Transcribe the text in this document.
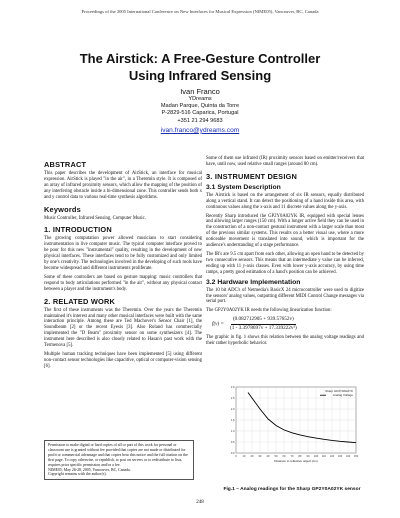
Proceedings of the 2005 International Conference on New Interfaces for Musical Expression (NIME05), Vancouver, BC, Canada
The Airstick: A Free-Gesture Controller
Using Infrared Sensing
Ivan Franco
YDreams
Madan Parque, Quinta da Torre
P-2829-516 Caparica, Portugal
+351 21 294 9683
ivan.franco@ydreams.com
ABSTRACT

This paper describes the development of AirStick, an interface for musical expression. AirStick is played "in the air", in a Theremin style. It is composed of an array of infrared proximity sensors, which allow the mapping of the position of any interfering obstacle inside a bi-dimensional zone. This controller sends both x and y control data to various real-time synthesis algorithms.

Keywords

Music Controller, Infrared Sensing, Computer Music.

1. INTRODUCTION

The growing computation power allowed musicians to start considering instrumentation in live computer music. The typical computer interface proved to be poor for this new "instrumental" quality, resulting in the development of new physical interfaces. These interfaces tend to be fully customized and only limited by one's creativity. The technologies involved in the developing of such tools have become widespread and different instruments proliferate.

Some of these controllers are based on gesture mapping: music controllers that respond to body articulations performed "in the air", without any physical contact between a player and the instrument's body.

2. RELATED WORK

The first of these instruments was the Theremin. Over the years the Theremin maintained it's interest and many other musical interfaces were built with the same interaction principle. Among these are Ted Machover's Sensor Chair [1], the Soundbeam [2] or the recent Eyesis [3]. Also Roland has commercially implemented the "D Beam" proximity sensor on some synthesizers [4]. The instrument here described is also closely related to Hasan's past work with the Termenova [5].

Multiple human tracking techniques have been implemented [5] using different non-contact sensor technologies like capacitive, optical or computer-vision sensing [6].

Permission to make digital or hard copies of all or part of this work for personal or classroom use is granted without fee provided that copies are not made or distributed for profit or commercial advantage and that copies bear this notice and the full citation on the first page. To copy otherwise, or republish, to post on servers or to redistribute to lists, requires prior specific permission and/or a fee.
NIME05, May 26-28, 2005, Vancouver, BC, Canada.
Copyright remains with the author(s).

Some of them use infrared (IR) proximity sensors based on emitter/receivers that have, until now, used relative small ranges (around 80 cm).

3. INSTRUMENT DESIGN
3.1 System Description

The Airstick is based on the arrangement of six IR sensors, equally distributed along a vertical stand. It can detect the positioning of a hand inside this area, with continuous values along the x-axis and 11 discrete values along the y-axis.

Recently Sharp introduced the GP2Y0A02YK IR, equipped with special lenses and allowing larger ranges (150 cm). With a longer active field they can be used in the construction of a non-contact gestural instrument with a larger scale than most of the previous similar systems. This results on a better visual use, where a more noticeable movement is translated into sound, which is important for the audience's understanding of a stage performance.

The IR's are 9.5 cm apart from each other, allowing an open hand to be detected by two consecutive sensors. This means that an intermediate y value can be inferred, ending up with 11 y-axis classes. Even with lower y-axis accuracy, by using time ramps, a pretty good estimation of a hand's position can be achieved.

3.2 Hardware Implementation

The 10 bit ADC's of Netmedia's BasicX 24 microcontroller were used to digitize the sensors' analog values, outputting different MIDI Control Change messages via serial port.

The GP2Y0A02YK IR needs the following linearization function:

$f(v) = \frac{(0.082712905 + 939.57652v)}{\text{(1 - 3.3978697v + 17.339222v²)}}$

The graphic in fig. 1 shows this relation between the analog voltage readings and their rather hyperbolic behavior.

0 10 20 30 40 50 60 70 80 90 100 110 120 130 140 150
0.0
0.5
1.0
1.5
2.0
2.5
3.0
Sharp GP2Y0A02YK
Analog Voltage
Distance to reflective object (cm)
Fig.1 – Analog readings for the Sharp GP2Y0A02YK sensor
248
